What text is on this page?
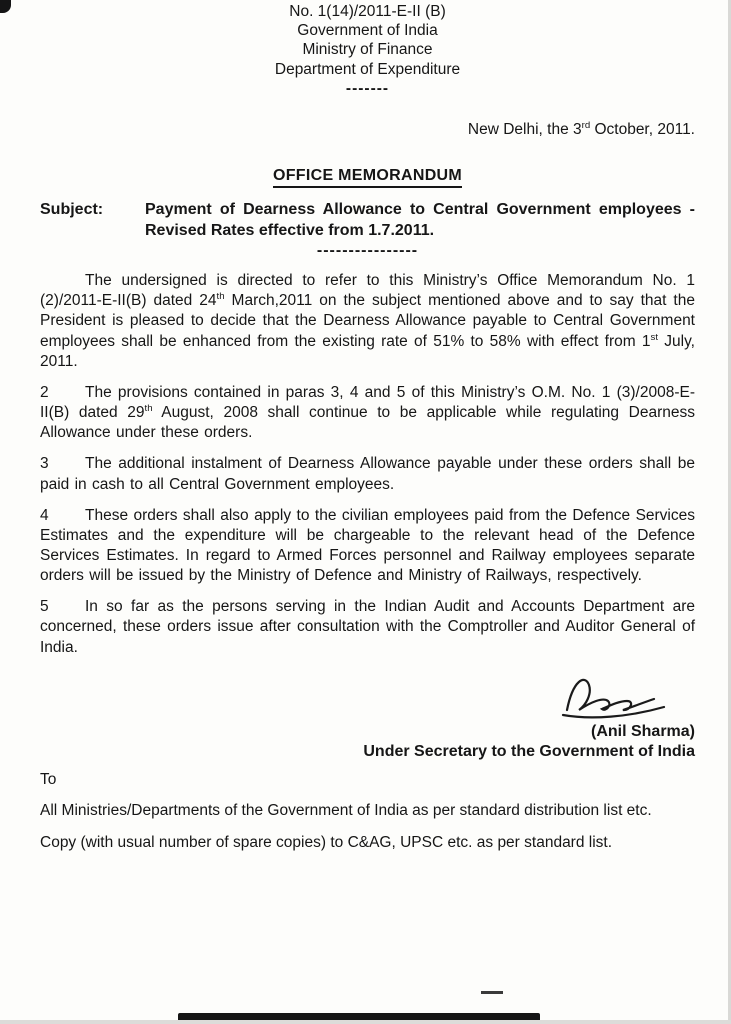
No. 1(14)/2011-E-II (B)
Government of India
Ministry of Finance
Department of Expenditure
-------
New Delhi, the 3rd October, 2011.
OFFICE MEMORANDUM
Subject:	Payment of Dearness Allowance to Central Government employees - Revised Rates effective from 1.7.2011.
----------------

The undersigned is directed to refer to this Ministry’s Office Memorandum No. 1 (2)/2011-E-II(B) dated 24th March,2011 on the subject mentioned above and to say that the President is pleased to decide that the Dearness Allowance payable to Central Government employees shall be enhanced from the existing rate of 51% to 58% with effect from 1st July, 2011.

2 The provisions contained in paras 3, 4 and 5 of this Ministry’s O.M. No. 1 (3)/2008-E-II(B) dated 29th August, 2008 shall continue to be applicable while regulating Dearness Allowance under these orders.

3 The additional instalment of Dearness Allowance payable under these orders shall be paid in cash to all Central Government employees.

4 These orders shall also apply to the civilian employees paid from the Defence Services Estimates and the expenditure will be chargeable to the relevant head of the Defence Services Estimates. In regard to Armed Forces personnel and Railway employees separate orders will be issued by the Ministry of Defence and Ministry of Railways, respectively.

5 In so far as the persons serving in the Indian Audit and Accounts Department are concerned, these orders issue after consultation with the Comptroller and Auditor General of India.

(Anil Sharma)
Under Secretary to the Government of India
To

All Ministries/Departments of the Government of India as per standard distribution list etc.

Copy (with usual number of spare copies) to C&AG, UPSC etc. as per standard list.
